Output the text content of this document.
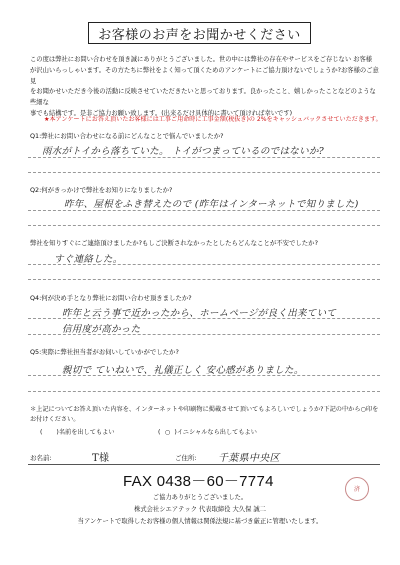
お客様のお声をお聞かせください

この度は弊社にお問い合わせを頂き誠にありがとうございました。世の中には弊社の存在やサービスをご存じない お客様

が沢山いらっしゃいます。その方たちに弊社をよく知って頂くためのアンケートにご協力頂けないでしょうか?お客様のご意見

をお聞かせいただき今後の活動に反映させていただきたいと思っております。良かったこと、嬉しかったことなどのような些細な

事でも結構です。是非ご協力お願い致します。(出来るだけ具体的に書いて頂ければ幸いです)

★本アンケートにお答え頂いたお客様には工事ご用命時に工事金額(税抜き)の 2%をキャッシュバックさせていただきます。
Q1:弊社にお問い合わせになる前にどんなことで悩んでいましたか?
雨水がトイから落ちていた。 トイがつまっているのではないか?
Q2:何がきっかけで弊社をお知りになりましたか?
昨年、屋根をふき替えたので (昨年はインターネットで知りました)
弊社を知りすぐにご連絡頂けましたか?もしご決断されなかったとしたらどんなことが不安でしたか?
すぐ連絡した。
Q4:何が決め手となり弊社にお問い合わせ頂きましたか?
昨年と云う事で近かったから、ホームページが良く出来ていて
信用度が高かった
Q5:実際に弊社担当者がお伺いしていかがでしたか?
親切で ていねいで、礼儀正しく 安心感がありました。
＊上記についてお答え頂いた内容を、インターネットや印刷物に掲載させて頂いてもよろしいでしょうか?下記の中から○印を
お付けください。
( )名前を出してもよい	( ○ )イニシャルなら出してもよい
お名前:	T様	ご住所: 千葉県中央区
済
FAX 0438－60－7774
ご協力ありがとうございました。
株式会社シエアテック 代表取締役 大久保 誠二
当アンケートで取得したお客様の個人情報は関係法規に基づき厳正に管理いたします。
